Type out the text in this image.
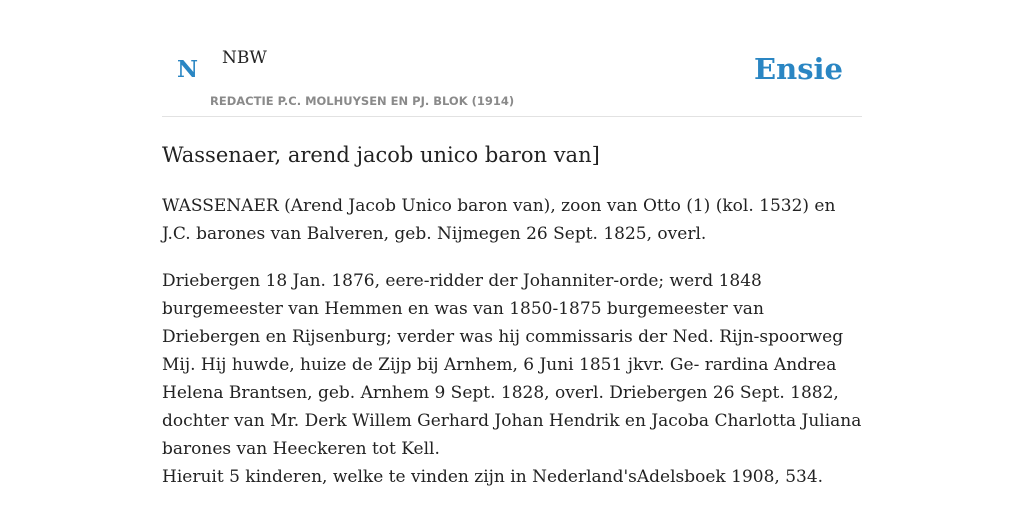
N NBW
REDACTIE P.C. MOLHUYSEN EN PJ. BLOK (1914)
Ensie
Wassenaer, arend jacob unico baron van]

WASSENAER (Arend Jacob Unico baron van), zoon van Otto (1) (kol. 1532) en J.C. barones van Balveren, geb. Nijmegen 26 Sept. 1825, overl.

Driebergen 18 Jan. 1876, eere-ridder der Johanniter-orde; werd 1848 burgemeester van Hemmen en was van 1850-1875 burgemeester van Driebergen en Rijsenburg; verder was hij commissaris der Ned. Rijn-spoorweg Mij. Hij huwde, huize de Zijp bij Arnhem, 6 Juni 1851 jkvr. Ge- rardina Andrea Helena Brantsen, geb. Arnhem 9 Sept. 1828, overl. Driebergen 26 Sept. 1882, dochter van Mr. Derk Willem Gerhard Johan Hendrik en Jacoba Charlotta Juliana barones van Heeckeren tot Kell.

Hieruit 5 kinderen, welke te vinden zijn in Nederland'sAdelsboek 1908, 534.
